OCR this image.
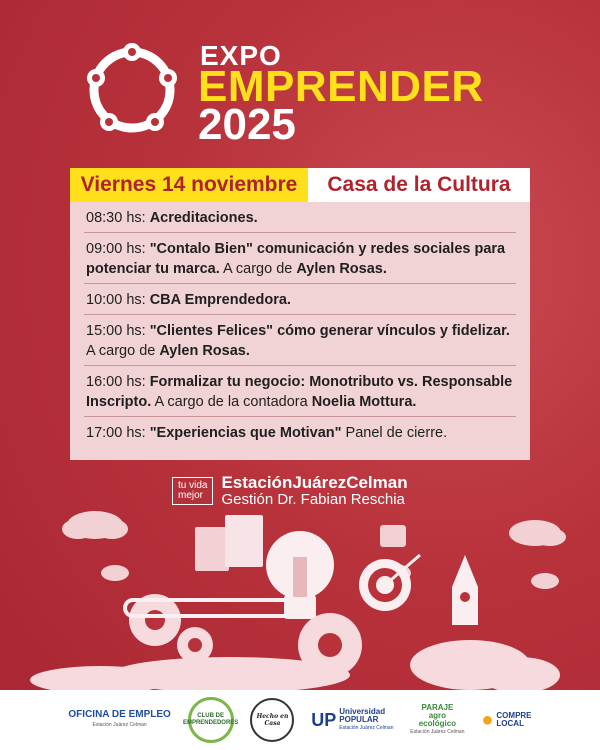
EXPO
EMPRENDER
2025
Viernes 14 noviembre	Casa de la Cultura
08:30 hs: Acreditaciones.
09:00 hs: "Contalo Bien" comunicación y redes sociales para potenciar tu marca. A cargo de Aylen Rosas.
10:00 hs: CBA Emprendedora.
15:00 hs: "Clientes Felices" cómo generar vínculos y fidelizar. A cargo de Aylen Rosas.
16:00 hs: Formalizar tu negocio: Monotributo vs. Responsable Inscripto. A cargo de la contadora Noelia Mottura.
17:00 hs: "Experiencias que Motivan" Panel de cierre.
tu vida
mejor
EstaciónJuárezCelman
Gestión Dr. Fabian Reschia
OFICINA DE EMPLEO
Estación Juárez Celman
CLUB DE EMPRENDEDORES
Hecho en Casa	UP Universidad
POPULAR
Estación Juárez Celman
PARAJE
agro
ecológico
Estación Juárez Celman
● COMPRE
LOCAL
